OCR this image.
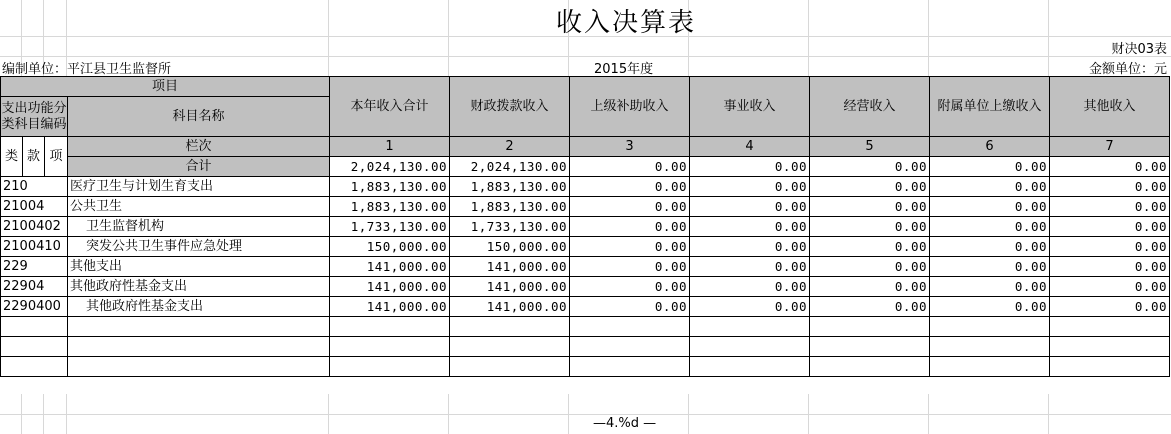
收入决算表
财决03表
编制单位：平江县卫生监督所	2015年度	金额单位：元
项目				本年收入合计	财政拨款收入	上级补助收入	事业收入	经营收入	附属单位上缴收入	其他收入
支出功能分类科目编码			科目名称							

类	款	项	栏次	1	2	3	4	5	6	7
			合计	2,024,130.00	2,024,130.00	0.00	0.00	0.00	0.00	0.00
210			医疗卫生与计划生育支出	1,883,130.00	1,883,130.00	0.00	0.00	0.00	0.00	0.00
21004			公共卫生	1,883,130.00	1,883,130.00	0.00	0.00	0.00	0.00	0.00
2100402			卫生监督机构	1,733,130.00	1,733,130.00	0.00	0.00	0.00	0.00	0.00
2100410			突发公共卫生事件应急处理	150,000.00	150,000.00	0.00	0.00	0.00	0.00	0.00
229			其他支出	141,000.00	141,000.00	0.00	0.00	0.00	0.00	0.00
22904			其他政府性基金支出	141,000.00	141,000.00	0.00	0.00	0.00	0.00	0.00
2290400			其他政府性基金支出	141,000.00	141,000.00	0.00	0.00	0.00	0.00	0.00

—4.%d —
